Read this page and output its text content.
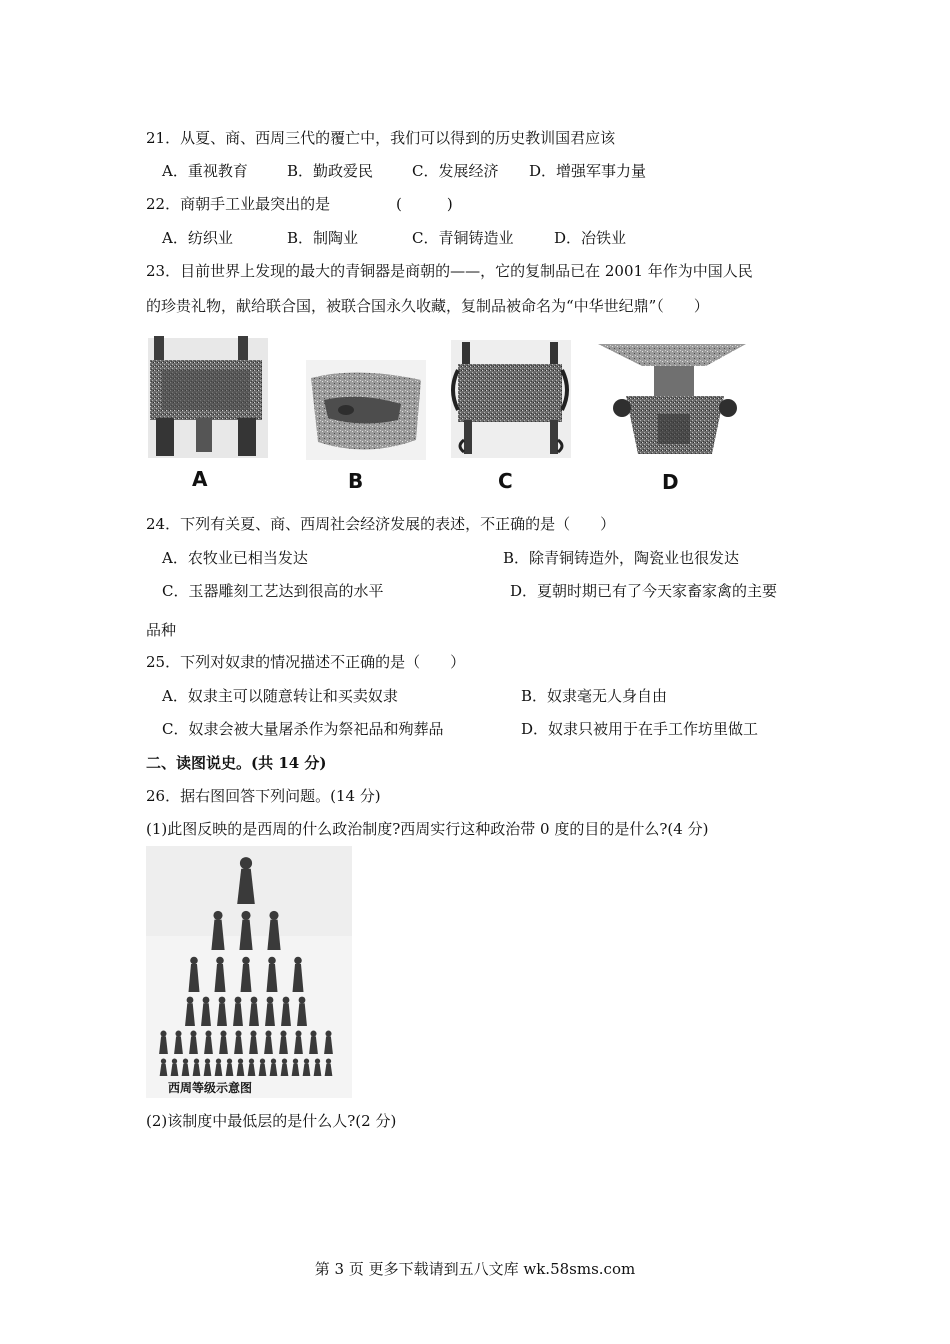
21．从夏、商、西周三代的覆亡中，我们可以得到的历史教训国君应该
A．重视教育	B．勤政爱民	C．发展经济 D．增强军事力量
22．商朝手工业最突出的是	(　　　)
A．纺织业	B．制陶业	C．青铜铸造业	D．冶铁业
23．目前世界上发现的最大的青铜器是商朝的——，它的复制品已在 2001 年作为中国人民
的珍贵礼物，献给联合国，被联合国永久收藏，复制品被命名为“中华世纪鼎”（　　）
A	B	C	D
24．下列有关夏、商、西周社会经济发展的表述，不正确的是（　　）
A．农牧业已相当发达	B．除青铜铸造外，陶瓷业也很发达
C．玉器雕刻工艺达到很高的水平	D．夏朝时期已有了今天家畜家禽的主要
品种
25．下列对奴隶的情况描述不正确的是（　　）
A．奴隶主可以随意转让和买卖奴隶	B．奴隶毫无人身自由
C．奴隶会被大量屠杀作为祭祀品和殉葬品	D．奴隶只被用于在手工作坊里做工
二、读图说史。(共 14 分)
26．据右图回答下列问题。(14 分)
(1)此图反映的是西周的什么政治制度?西周实行这种政治带 0 度的目的是什么?(4 分)
西周等级示意图
(2)该制度中最低层的是什么人?(2 分)
第 3 页 更多下载请到五八文库 wk.58sms.com
